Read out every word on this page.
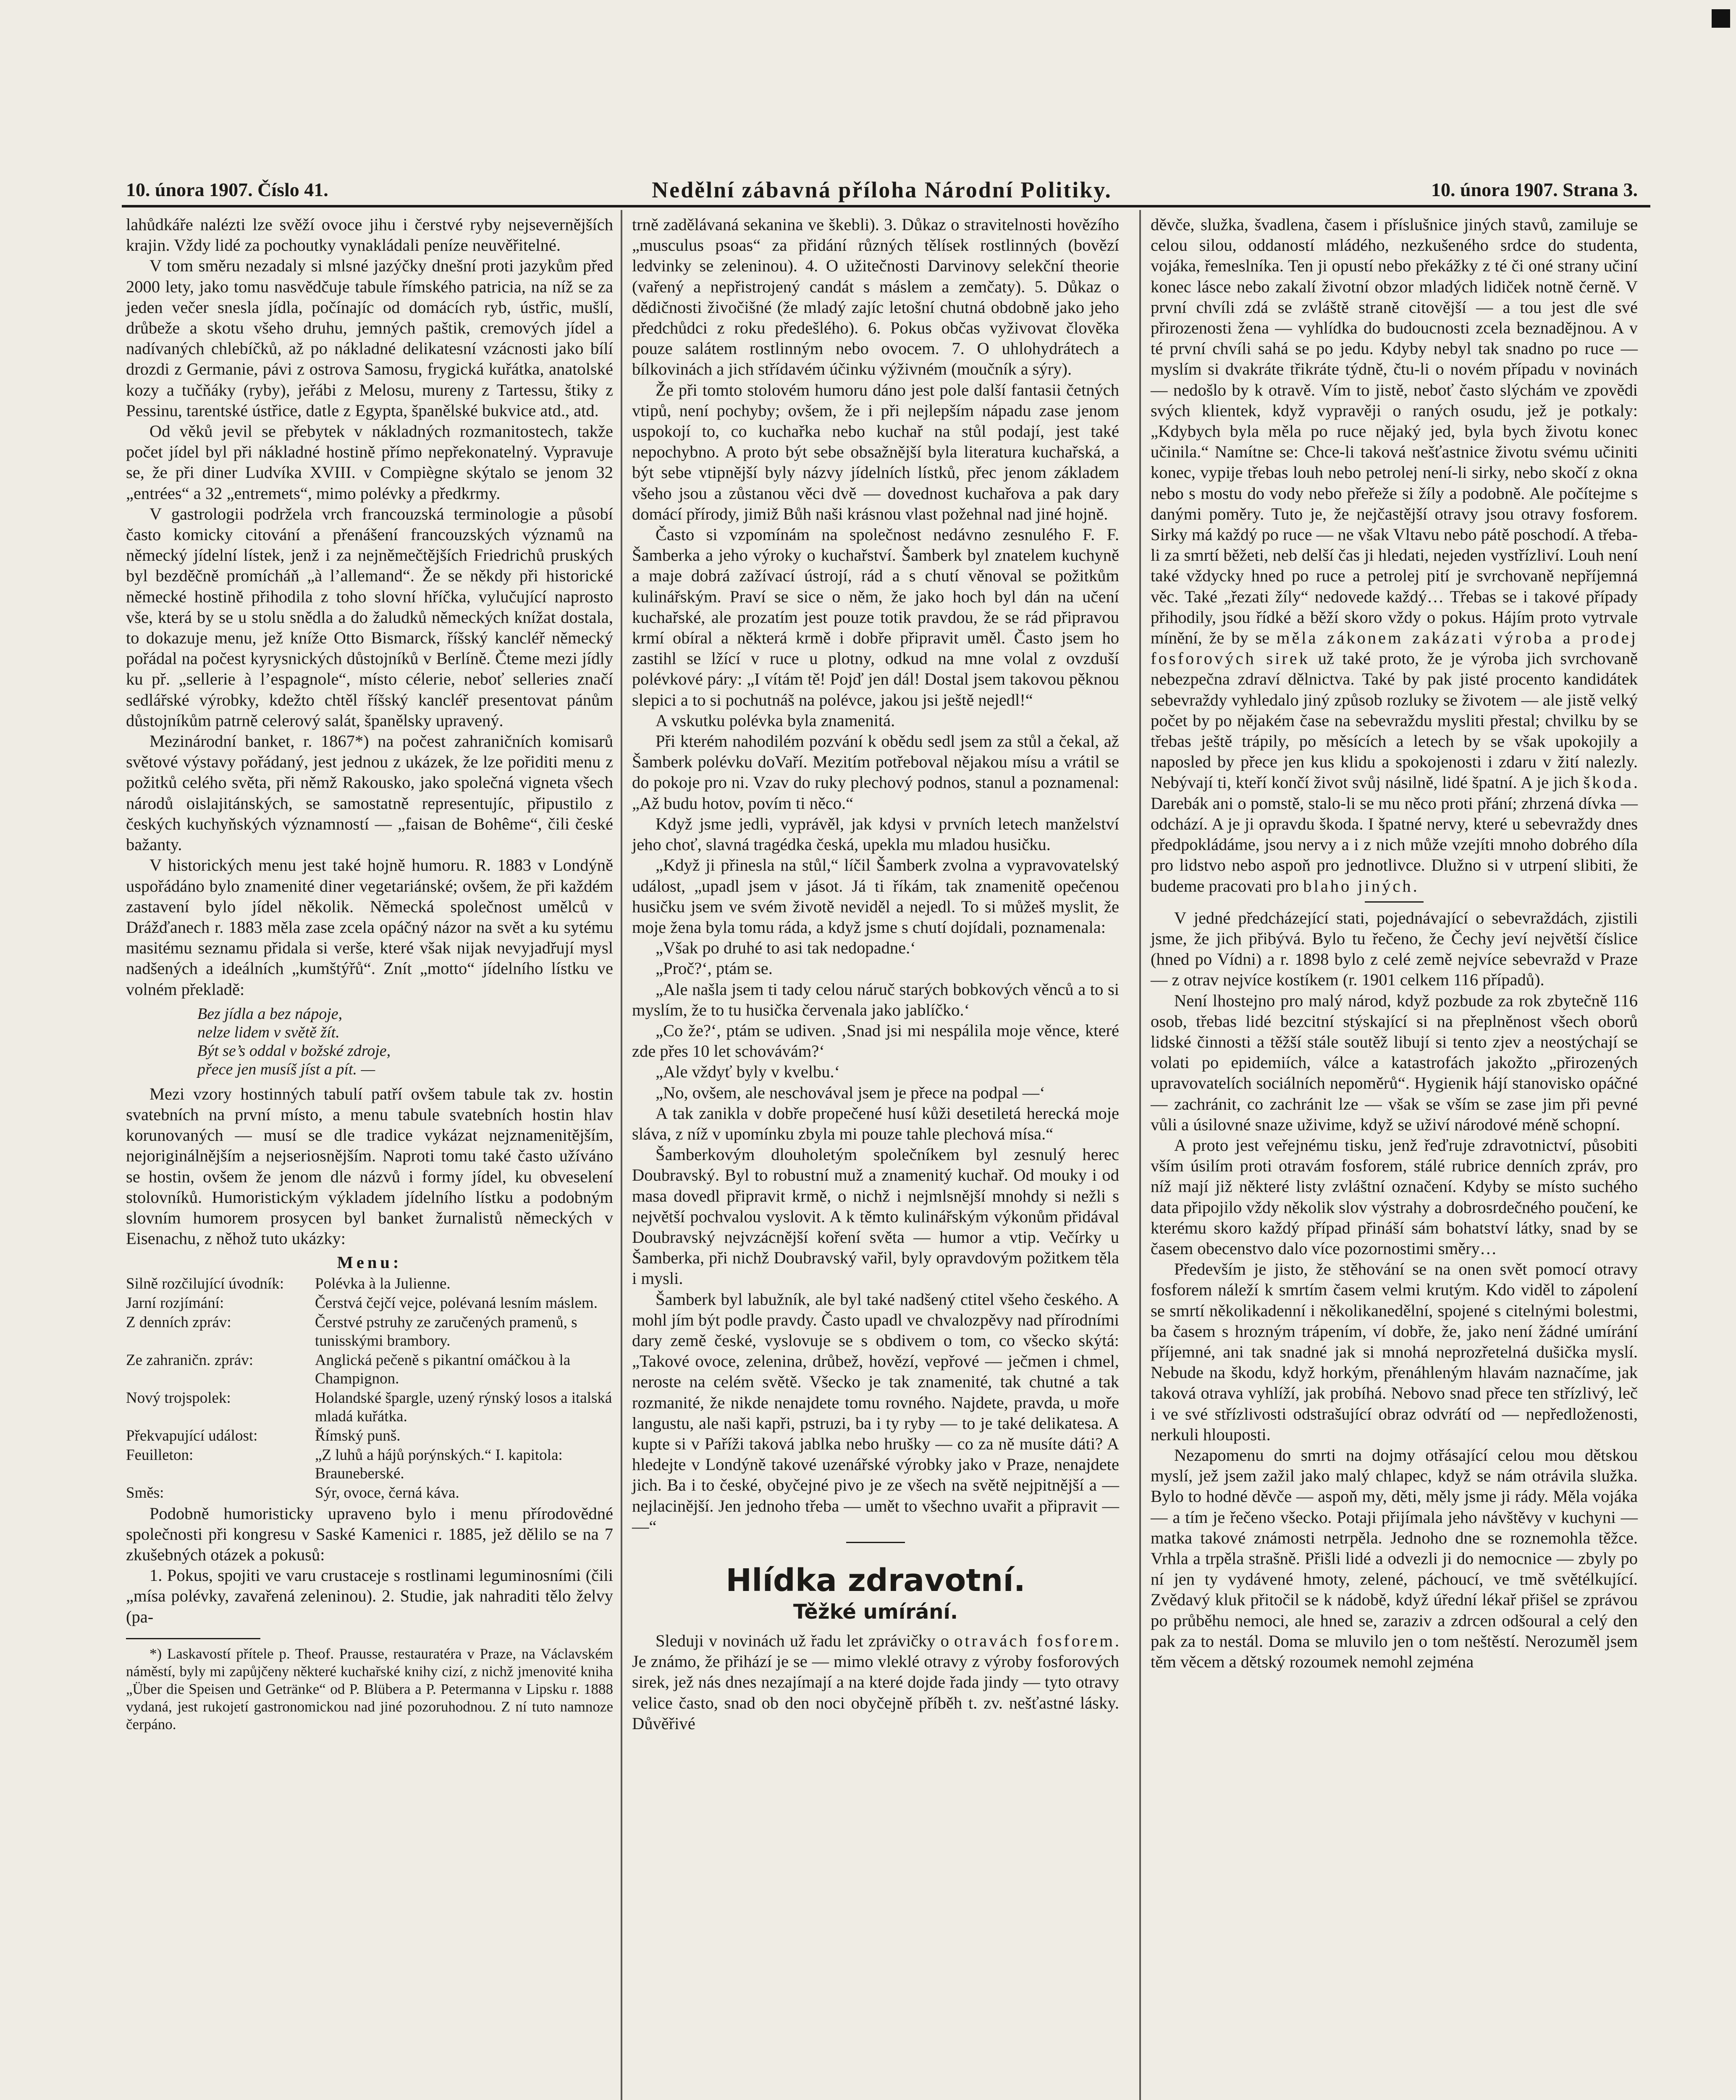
10. února 1907. Číslo 41.	Nedělní zábavná příloha Národní Politiky.	10. února 1907. Strana 3.

lahůdkáře nalézti lze svěží ovoce jihu i čerstvé ryby nejsevernějších krajin. Vždy lidé za pochoutky vynakládali peníze neuvěřitelné.

V tom směru nezadaly si mlsné jazýčky dnešní proti jazykům před 2000 lety, jako tomu nasvědčuje tabule římského patricia, na níž se za jeden večer snesla jídla, počínajíc od domácích ryb, ústřic, mušlí, drůbeže a skotu všeho druhu, jemných paštik, cremových jídel a nadívaných chlebíčků, až po nákladné delikatesní vzácnosti jako bílí drozdi z Germanie, pávi z ostrova Samosu, frygická kuřátka, anatolské kozy a tučňáky (ryby), jeřábi z Melosu, mureny z Tartessu, štiky z Pessinu, tarentské ústřice, datle z Egypta, španělské bukvice atd., atd.

Od věků jevil se přebytek v nákladných rozmanitostech, takže počet jídel byl při nákladné hostině přímo nepřekonatelný. Vypravuje se, že při diner Ludvíka XVIII. v Compiègne skýtalo se jenom 32 „entrées“ a 32 „entremets“, mimo polévky a předkrmy.

V gastrologii podržela vrch francouzská terminologie a působí často komicky citování a přenášení francouzských významů na německý jídelní lístek, jenž i za nejněmečtějších Friedrichů pruských byl bezděčně promícháň „à l’allemand“. Že se někdy při historické německé hostině přihodila z toho slovní hříčka, vylučující naprosto vše, která by se u stolu snědla a do žaludků německých knížat dostala, to dokazuje menu, jež kníže Otto Bismarck, říšský kancléř německý pořádal na počest kyrysnických důstojníků v Berlíně. Čteme mezi jídly ku př. „sellerie à l’espagnole“, místo célerie, neboť selleries značí sedlářské výrobky, kdežto chtěl říšský kancléř presentovat pánům důstojníkům patrně celerový salát, španělsky upravený.

Mezinárodní banket, r. 1867*) na počest zahraničních komisarů světové výstavy pořádaný, jest jednou z ukázek, že lze pořiditi menu z požitků celého světa, při němž Rakousko, jako společná vigneta všech národů oislajitánských, se samostatně representujíc, připustilo z českých kuchyňských významností — „faisan de Bohême“, čili české bažanty.

V historických menu jest také hojně humoru. R. 1883 v Londýně uspořádáno bylo znamenité diner vegetariánské; ovšem, že při každém zastavení bylo jídel několik. Německá společnost umělců v Drážďanech r. 1883 měla zase zcela opáčný názor na svět a ku sytému masitému seznamu přidala si verše, které však nijak nevyjadřují mysl nadšených a ideálních „kumštýřů“. Znít „motto“ jídelního lístku ve volném překladě:

Bez jídla a bez nápoje,
nelze lidem v světě žít.
Být se’s oddal v božské zdroje,
přece jen musíš jíst a pít. —

Mezi vzory hostinných tabulí patří ovšem tabule tak zv. hostin svatebních na první místo, a menu tabule svatebních hostin hlav korunovaných — musí se dle tradice vykázat nejznamenitějším, nejoriginálnějším a nejseriosnějším. Naproti tomu také často užíváno se hostin, ovšem že jenom dle názvů i formy jídel, ku obveselení stolovníků. Humoristickým výkladem jídelního lístku a podobným slovním humorem prosycen byl banket žurnalistů německých v Eisenachu, z něhož tuto ukázky:

Menu:
Silně rozčilující úvodník:	Polévka à la Julienne.
Jarní rozjímání:	Čerstvá čejčí vejce, polévaná lesním máslem.
Z denních zpráv:	Čerstvé pstruhy ze zaručených pramenů, s tunisskými brambory.
Ze zahraničn. zpráv:	Anglická pečeně s pikantní omáčkou à la Champignon.
Nový trojspolek:	Holandské špargle, uzený rýnský losos a italská mladá kuřátka.
Překvapující událost:	Římský punš.
Feuilleton:	„Z luhů a hájů porýnských.“ I. kapitola: Brauneberské.
Směs:	Sýr, ovoce, černá káva.

Podobně humoristicky upraveno bylo i menu přírodovědné společnosti při kongresu v Saské Kamenici r. 1885, jež dělilo se na 7 zkušebných otázek a pokusů:

1. Pokus, spojiti ve varu crustaceje s rostlinami leguminosními (čili „mísa polévky, zavařená zeleninou). 2. Studie, jak nahraditi tělo želvy (pa-

*) Laskavostí přítele p. Theof. Prausse, restauratéra v Praze, na Václavském náměstí, byly mi zapůjčeny některé kuchařské knihy cizí, z nichž jmenovité kniha „Über die Speisen und Getränke“ od P. Blübera a P. Petermanna v Lipsku r. 1888 vydaná, jest rukojetí gastronomickou nad jiné pozoruhodnou. Z ní tuto namnoze čerpáno.

trně zadělávaná sekanina ve škebli). 3. Důkaz o stravitelnosti hovězího „musculus psoas“ za přidání různých tělísek rostlinných (bovězí ledvinky se zeleninou). 4. O užitečnosti Darvinovy selekční theorie (vařený a nepřistrojený candát s máslem a zemčaty). 5. Důkaz o dědičnosti živočišné (že mladý zajíc letošní chutná obdobně jako jeho předchůdci z roku předešlého). 6. Pokus občas vyživovat člověka pouze salátem rostlinným nebo ovocem. 7. O uhlohydrátech a bílkovinách a jich střídavém účinku výživném (moučník a sýry).

Že při tomto stolovém humoru dáno jest pole další fantasii četných vtipů, není pochyby; ovšem, že i při nejlepším nápadu zase jenom uspokojí to, co kuchařka nebo kuchař na stůl podají, jest také nepochybno. A proto být sebe obsažnější byla literatura kuchařská, a být sebe vtipnější byly názvy jídelních lístků, přec jenom základem všeho jsou a zůstanou věci dvě — dovednost kuchařova a pak dary domácí přírody, jimiž Bůh naši krásnou vlast požehnal nad jiné hojně.

Často si vzpomínám na společnost nedávno zesnulého F. F. Šamberka a jeho výroky o kuchařství. Šamberk byl znatelem kuchyně a maje dobrá zažívací ústrojí, rád a s chutí věnoval se požitkům kulinářským. Praví se sice o něm, že jako hoch byl dán na učení kuchařské, ale prozatím jest pouze totik pravdou, že se rád připravou krmí obíral a některá krmě i dobře připravit uměl. Často jsem ho zastihl se lžící v ruce u plotny, odkud na mne volal z ovzduší polévkové páry: „I vítám tě! Pojď jen dál! Dostal jsem takovou pěknou slepici a to si pochutnáš na polévce, jakou jsi ještě nejedl!“

A vskutku polévka byla znamenitá.

Při kterém nahodilém pozvání k obědu sedl jsem za stůl a čekal, až Šamberk polévku doVaří. Mezitím potřeboval nějakou mísu a vrátil se do pokoje pro ni. Vzav do ruky plechový podnos, stanul a poznamenal: „Až budu hotov, povím ti něco.“

Když jsme jedli, vyprávěl, jak kdysi v prvních letech manželství jeho choť, slavná tragédka česká, upekla mu mladou husičku.

„Když ji přinesla na stůl,“ líčil Šamberk zvolna a vypravovatelský událost, „upadl jsem v jásot. Já ti říkám, tak znamenitě opečenou husičku jsem ve svém životě neviděl a nejedl. To si můžeš myslit, že moje žena byla tomu ráda, a když jsme s chutí dojídali, poznamenala:

„Však po druhé to asi tak nedopadne.‘

„Proč?‘, ptám se.

„Ale našla jsem ti tady celou náruč starých bobkových věnců a to si myslím, že to tu husička červenala jako jablíčko.‘

„Co že?‘, ptám se udiven. ‚Snad jsi mi nespálila moje věnce, které zde přes 10 let schovávám?‘

„Ale vždyť byly v kvelbu.‘

„No, ovšem, ale neschovával jsem je přece na podpal —‘

A tak zanikla v dobře propečené husí kůži desetiletá herecká moje sláva, z níž v upomínku zbyla mi pouze tahle plechová mísa.“

Šamberkovým dlouholetým společníkem byl zesnulý herec Doubravský. Byl to robustní muž a znamenitý kuchař. Od mouky i od masa dovedl připravit krmě, o nichž i nejmlsnější mnohdy si nežli s největší pochvalou vyslovit. A k těmto kulinářským výkonům přidával Doubravský nejvzácnější koření světa — humor a vtip. Večírky u Šamberka, při nichž Doubravský vařil, byly opravdovým požitkem těla i mysli.

Šamberk byl labužník, ale byl také nadšený ctitel všeho českého. A mohl jím být podle pravdy. Často upadl ve chvalozpěvy nad přírodními dary země české, vyslovuje se s obdivem o tom, co všecko skýtá: „Takové ovoce, zelenina, drůbež, hovězí, vepřové — ječmen i chmel, neroste na celém světě. Všecko je tak znamenité, tak chutné a tak rozmanité, že nikde nenajdete tomu rovného. Najdete, pravda, u moře langustu, ale naši kapři, pstruzi, ba i ty ryby — to je také delikatesa. A kupte si v Paříži taková jablka nebo hrušky — co za ně musíte dáti? A hledejte v Londýně takové uzenářské výrobky jako v Praze, nenajdete jich. Ba i to české, obyčejné pivo je ze všech na světě nejpitnější a — nejlacinější. Jen jednoho třeba — umět to všechno uvařit a připravit — —“

Hlídka zdravotní.
Těžké umírání.

Sleduji v novinách už řadu let zprávičky o otravách fosforem. Je známo, že přihází je se — mimo vleklé otravy z výroby fosforových sirek, jež nás dnes nezajímají a na které dojde řada jindy — tyto otravy velice často, snad ob den noci obyčejně příběh t. zv. nešťastné lásky. Důvěřivé

děvče, služka, švadlena, časem i příslušnice jiných stavů, zamiluje se celou silou, oddaností mládého, nezkušeného srdce do studenta, vojáka, řemeslníka. Ten ji opustí nebo překážky z té či oné strany učiní konec lásce nebo zakalí životní obzor mladých lidiček notně černě. V první chvíli zdá se zvláště straně citovější — a tou jest dle své přirozenosti žena — vyhlídka do budoucnosti zcela beznadějnou. A v té první chvíli sahá se po jedu. Kdyby nebyl tak snadno po ruce — myslím si dvakráte třikráte týdně, čtu-li o novém případu v novinách — nedošlo by k otravě. Vím to jistě, neboť často slýchám ve zpovědi svých klientek, když vypravěji o raných osudu, jež je potkaly: „Kdybych byla měla po ruce nějaký jed, byla bych životu konec učinila.“ Namítne se: Chce-li taková nešťastnice životu svému učiniti konec, vypije třebas louh nebo petrolej není-li sirky, nebo skočí z okna nebo s mostu do vody nebo přeřeže si žíly a podobně. Ale počítejme s danými poměry. Tuto je, že nejčastější otravy jsou otravy fosforem. Sirky má každý po ruce — ne však Vltavu nebo pátě poschodí. A třeba-li za smrtí běžeti, neb delší čas ji hledati, nejeden vystřízliví. Louh není také vždycky hned po ruce a petrolej pití je svrchovaně nepříjemná věc. Také „řezati žíly“ nedovede každý… Třebas se i takové případy přihodily, jsou řídké a běží skoro vždy o pokus. Hájím proto vytrvale mínění, že by se měla zákonem zakázati výroba a prodej fosforových sirek už také proto, že je výroba jich svrchovaně nebezpečna zdraví dělnictva. Také by pak jisté procento kandidátek sebevraždy vyhledalo jiný způsob rozluky se životem — ale jistě velký počet by po nějakém čase na sebevraždu mysliti přestal; chvilku by se třebas ještě trápily, po měsících a letech by se však upokojily a naposled by přece jen kus klidu a spokojenosti i zdaru v žití nalezly. Nebývají ti, kteří končí život svůj násilně, lidé špatní. A je jich škoda. Darebák ani o pomstě, stalo-li se mu něco proti přání; zhrzená dívka — odchází. A je ji opravdu škoda. I špatné nervy, které u sebevraždy dnes předpokládáme, jsou nervy a i z nich může vzejíti mnoho dobrého díla pro lidstvo nebo aspoň pro jednotlivce. Dlužno si v utrpení slibiti, že budeme pracovati pro blaho jiných.

V jedné předcházející stati, pojednávající o sebevraždách, zjistili jsme, že jich přibývá. Bylo tu řečeno, že Čechy jeví největší číslice (hned po Vídni) a r. 1898 bylo z celé země nejvíce sebevražd v Praze — z otrav nejvíce kostíkem (r. 1901 celkem 116 případů).

Není lhostejno pro malý národ, když pozbude za rok zbytečně 116 osob, třebas lidé bezcitní stýskající si na přeplněnost všech oborů lidské činnosti a těžší stále soutěž libují si tento zjev a neostýchají se volati po epidemiích, válce a katastrofách jakožto „přirozených upravovatelích sociálních nepoměrů“. Hygienik hájí stanovisko opáčné — zachránit, co zachránit lze — však se vším se zase jim při pevné vůli a úsilovné snaze uživime, když se uživí národové méně schopní.

A proto jest veřejnému tisku, jenž řeďruje zdravotnictví, působiti vším úsilím proti otravám fosforem, stálé rubrice denních zpráv, pro níž mají již některé listy zvláštní označení. Kdyby se místo suchého data připojilo vždy několik slov výstrahy a dobrosrdečného poučení, ke kterému skoro každý případ přináší sám bohatství látky, snad by se časem obecenstvo dalo více pozornostimi směry…

Především je jisto, že stěhování se na onen svět pomocí otravy fosforem náleží k smrtím časem velmi krutým. Kdo viděl to zápolení se smrtí několikadenní i několikanedělní, spojené s citelnými bolestmi, ba časem s hrozným trápením, ví dobře, že, jako není žádné umírání příjemné, ani tak snadné jak si mnohá neprozřetelná dušička myslí. Nebude na škodu, když horkým, přenáhleným hlavám naznačíme, jak taková otrava vyhlíží, jak probíhá. Nebovo snad přece ten střízlivý, leč i ve své střízlivosti odstrašující obraz odvrátí od — nepředloženosti, nerkuli hlouposti.

Nezapomenu do smrti na dojmy otřásající celou mou dětskou myslí, jež jsem zažil jako malý chlapec, když se nám otrávila služka. Bylo to hodné děvče — aspoň my, děti, měly jsme ji rády. Měla vojáka — a tím je řečeno všecko. Potaji přijímala jeho návštěvy v kuchyni — matka takové známosti netrpěla. Jednoho dne se roznemohla těžce. Vrhla a trpěla strašně. Přišli lidé a odvezli ji do nemocnice — zbyly po ní jen ty vydávené hmoty, zelené, páchoucí, ve tmě světélkující. Zvědavý kluk přitočil se k nádobě, když úřední lékař přišel se zprávou po průběhu nemoci, ale hned se, zaraziv a zdrcen odšoural a celý den pak za to nestál. Doma se mluvilo jen o tom neštěstí. Nerozuměl jsem těm věcem a dětský rozoumek nemohl zejména
